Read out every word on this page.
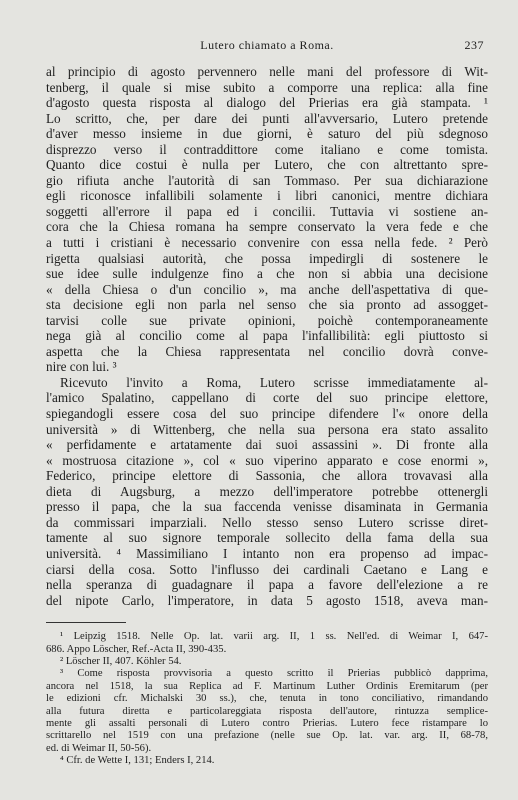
Lutero chiamato a Roma.	237
al principio di agosto pervennero nelle mani del professore di Wit-
tenberg, il quale si mise subito a comporre una replica: alla fine
d'agosto questa risposta al dialogo del Prierias era già stampata. ¹
Lo scritto, che, per dare dei punti all'avversario, Lutero pretende
d'aver messo insieme in due giorni, è saturo del più sdegnoso
disprezzo verso il contraddittore come italiano e come tomista.
Quanto dice costui è nulla per Lutero, che con altrettanto spre-
gio rifiuta anche l'autorità di san Tommaso. Per sua dichiarazione
egli riconosce infallibili solamente i libri canonici, mentre dichiara
soggetti all'errore il papa ed i concilii. Tuttavia vi sostiene an-
cora che la Chiesa romana ha sempre conservato la vera fede e che
a tutti i cristiani è necessario convenire con essa nella fede. ² Però
rigetta qualsiasi autorità, che possa impedirgli di sostenere le
sue idee sulle indulgenze fino a che non si abbia una decisione
« della Chiesa o d'un concilio », ma anche dell'aspettativa di que-
sta decisione egli non parla nel senso che sia pronto ad assogget-
tarvisi colle sue private opinioni, poichè contemporaneamente
nega già al concilio come al papa l'infallibilità: egli piuttosto si
aspetta che la Chiesa rappresentata nel concilio dovrà conve-
nire con lui. ³
Ricevuto l'invito a Roma, Lutero scrisse immediatamente al-
l'amico Spalatino, cappellano di corte del suo principe elettore,
spiegandogli essere cosa del suo principe difendere l'« onore della
università » di Wittenberg, che nella sua persona era stato assalito
« perfidamente e artatamente dai suoi assassini ». Di fronte alla
« mostruosa citazione », col « suo viperino apparato e cose enormi »,
Federico, principe elettore di Sassonia, che allora trovavasi alla
dieta di Augsburg, a mezzo dell'imperatore potrebbe ottenergli
presso il papa, che la sua faccenda venisse disaminata in Germania
da commissari imparziali. Nello stesso senso Lutero scrisse diret-
tamente al suo signore temporale sollecito della fama della sua
università. ⁴ Massimiliano I intanto non era propenso ad impac-
ciarsi della cosa. Sotto l'influsso dei cardinali Caetano e Lang e
nella speranza di guadagnare il papa a favore dell'elezione a re
del nipote Carlo, l'imperatore, in data 5 agosto 1518, aveva man-
¹ Leipzig 1518. Nelle Op. lat. varii arg. II, 1 ss. Nell'ed. di Weimar I, 647-
686. Appo Löscher, Ref.-Acta II, 390-435.
² Löscher II, 407. Köhler 54.
³ Come risposta provvisoria a questo scritto il Prierias pubblicò dapprima,
ancora nel 1518, la sua Replica ad F. Martinum Luther Ordinis Eremitarum (per
le edizioni cfr. Michalski 30 ss.), che, tenuta in tono conciliativo, rimandando
alla futura diretta e particolareggiata risposta dell'autore, rintuzza semplice-
mente gli assalti personali di Lutero contro Prierias. Lutero fece ristampare lo
scrittarello nel 1519 con una prefazione (nelle sue Op. lat. var. arg. II, 68-78,
ed. di Weimar II, 50-56).
⁴ Cfr. de Wette I, 131; Enders I, 214.
